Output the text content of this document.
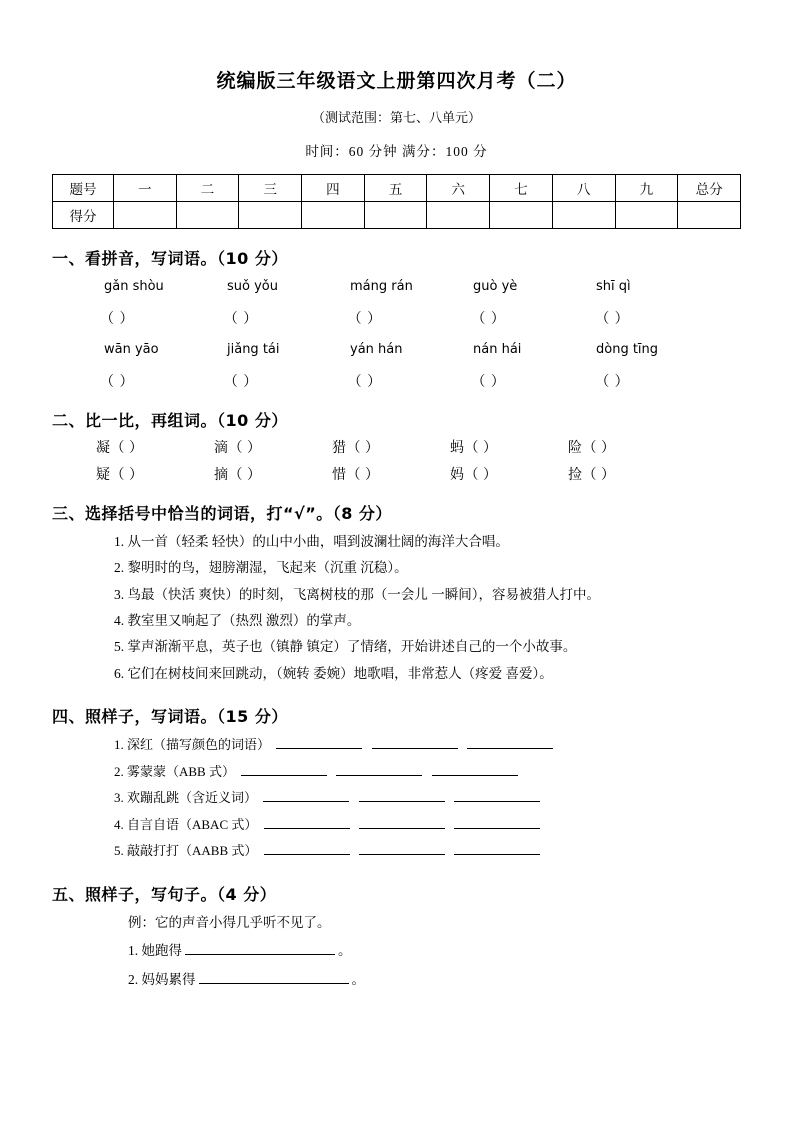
统编版三年级语文上册第四次月考（二）
（测试范围：第七、八单元）
时间：60 分钟 满分：100 分
题号	一	二	三	四	五	六	七	八	九	总分
得分										
一、看拼音，写词语。（10 分）
gǎn shòu	suǒ yǒu	máng rán	guò yè	shī qì
（ ）	（ ）	（ ）	（ ）	（ ）
wān yāo	jiǎng tái	yán hán	nán hái	dòng tīng
（ ）	（ ）	（ ）	（ ）	（ ）
二、比一比，再组词。（10 分）
凝（ ）	滴（ ）	猎（ ）	蚂（ ）	险（ ）
疑（ ）	摘（ ）	惜（ ）	妈（ ）	捡（ ）
三、选择括号中恰当的词语，打“√”。（8 分）
1. 从一首（轻柔 轻快）的山中小曲，唱到波澜壮阔的海洋大合唱。
2. 黎明时的鸟，翅膀潮湿，飞起来（沉重 沉稳）。
3. 鸟最（快活 爽快）的时刻，飞离树枝的那（一会儿 一瞬间），容易被猎人打中。
4. 教室里又响起了（热烈 激烈）的掌声。
5. 掌声渐渐平息，英子也（镇静 镇定）了情绪，开始讲述自己的一个小故事。
6. 它们在树枝间来回跳动，（婉转 委婉）地歌唱，非常惹人（疼爱 喜爱）。
四、照样子，写词语。（15 分）
1. 深红（描写颜色的词语）
2. 雾蒙蒙（ABB 式）
3. 欢蹦乱跳（含近义词）
4. 自言自语（ABAC 式）
5. 敲敲打打（AABB 式）
五、照样子，写句子。（4 分）
例：它的声音小得几乎听不见了。
1. 她跑得	。
2. 妈妈累得	。
